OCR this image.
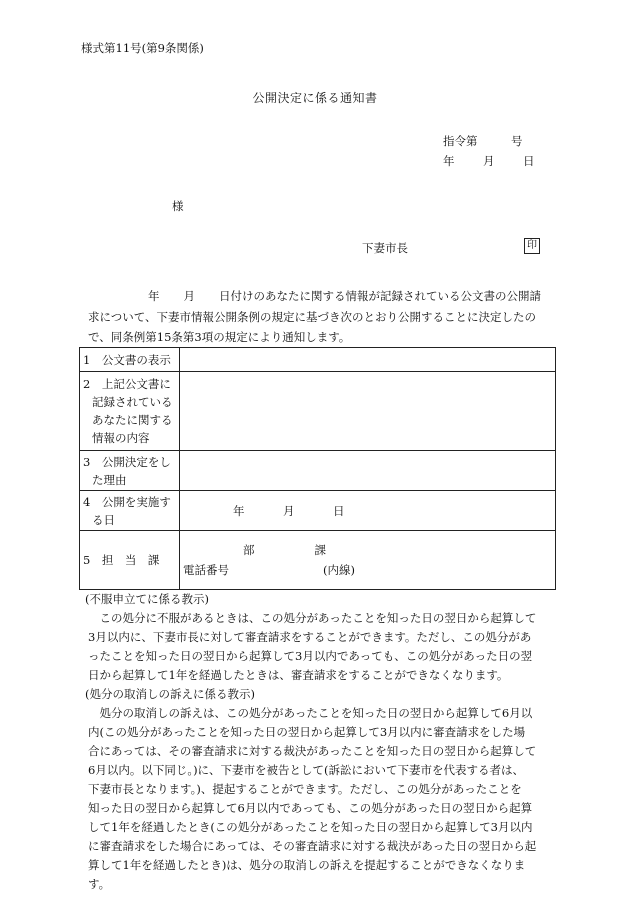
様式第11号(第9条関係)
公開決定に係る通知書
指令第	号
年 月 日
様
下妻市長	印
年 月 日付けのあなたに関する情報が記録されている公文書の公開請
求について、下妻市情報公開条例の規定に基づき次のとおり公開することに決定したの
で、同条例第15条第3項の規定により通知します。
1　公文書の表示	
2　上記公文書に
記録されている
あなたに関する
情報の内容	

3　公開決定をし
た理由	

4　公開を実施す
る日	年 月 日
5　担　当　課	部 課
電話番号 (内線)
(不服申立てに係る教示)
　この処分に不服があるときは、この処分があったことを知った日の翌日から起算して
3月以内に、下妻市長に対して審査請求をすることができます。ただし、この処分があ
ったことを知った日の翌日から起算して3月以内であっても、この処分があった日の翌
日から起算して1年を経過したときは、審査請求をすることができなくなります。
(処分の取消しの訴えに係る教示)
　処分の取消しの訴えは、この処分があったことを知った日の翌日から起算して6月以
内(この処分があったことを知った日の翌日から起算して3月以内に審査請求をした場
合にあっては、その審査請求に対する裁決があったことを知った日の翌日から起算して
6月以内。以下同じ。)に、下妻市を被告として(訴訟において下妻市を代表する者は、
下妻市長となります。)、提起することができます。ただし、この処分があったことを
知った日の翌日から起算して6月以内であっても、この処分があった日の翌日から起算
して1年を経過したとき(この処分があったことを知った日の翌日から起算して3月以内
に審査請求をした場合にあっては、その審査請求に対する裁決があった日の翌日から起
算して1年を経過したとき)は、処分の取消しの訴えを提起することができなくなりま
す。
